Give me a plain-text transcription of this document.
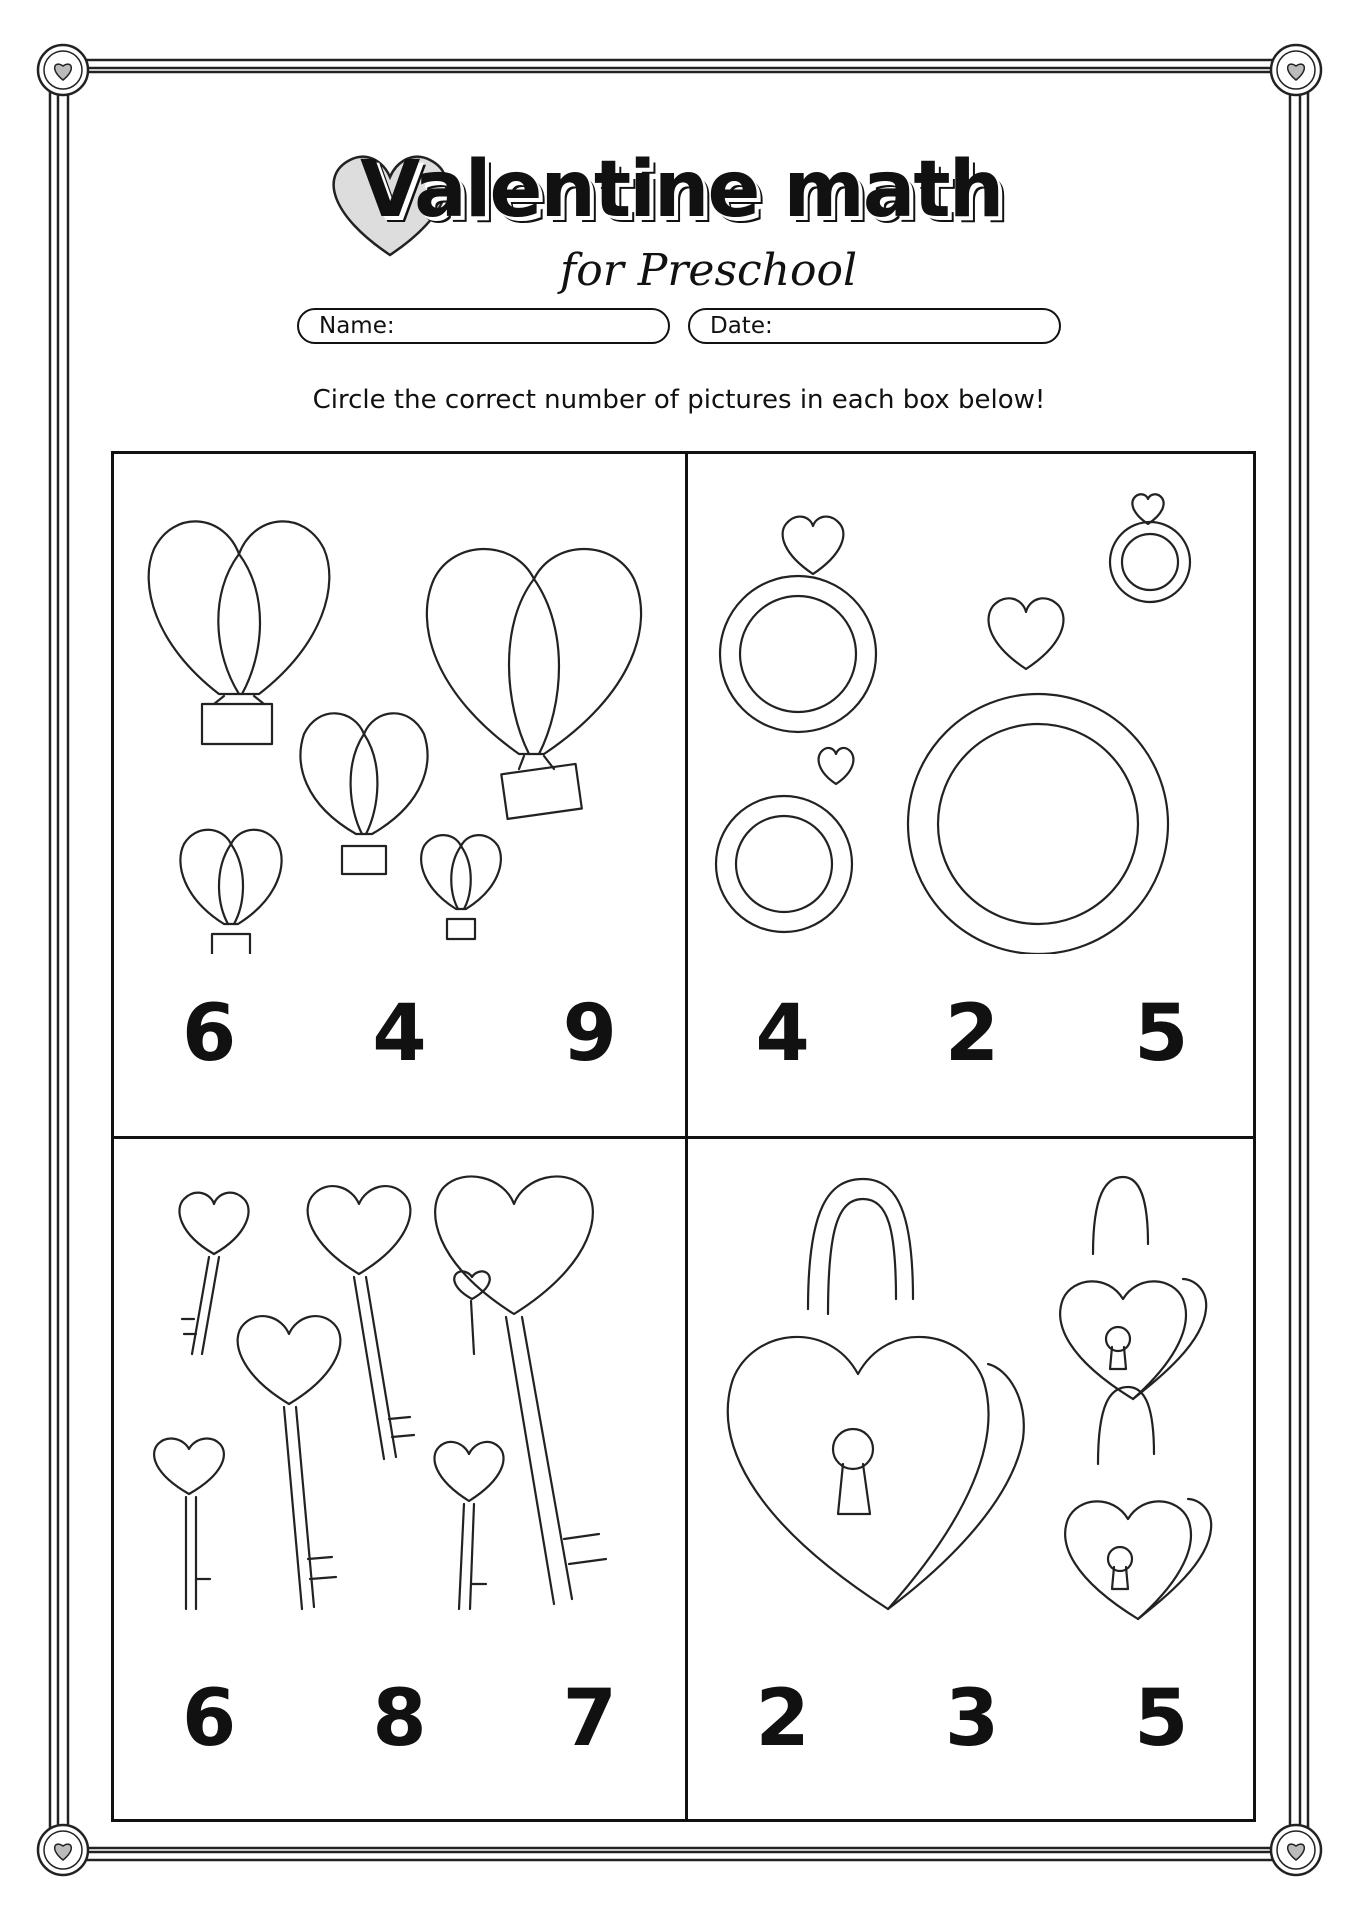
Valentine math
for Preschool
Name:	Date:
Circle the correct number of pictures in each box below!
6	4	9	4	2	5
6	8	7	2	3	5
